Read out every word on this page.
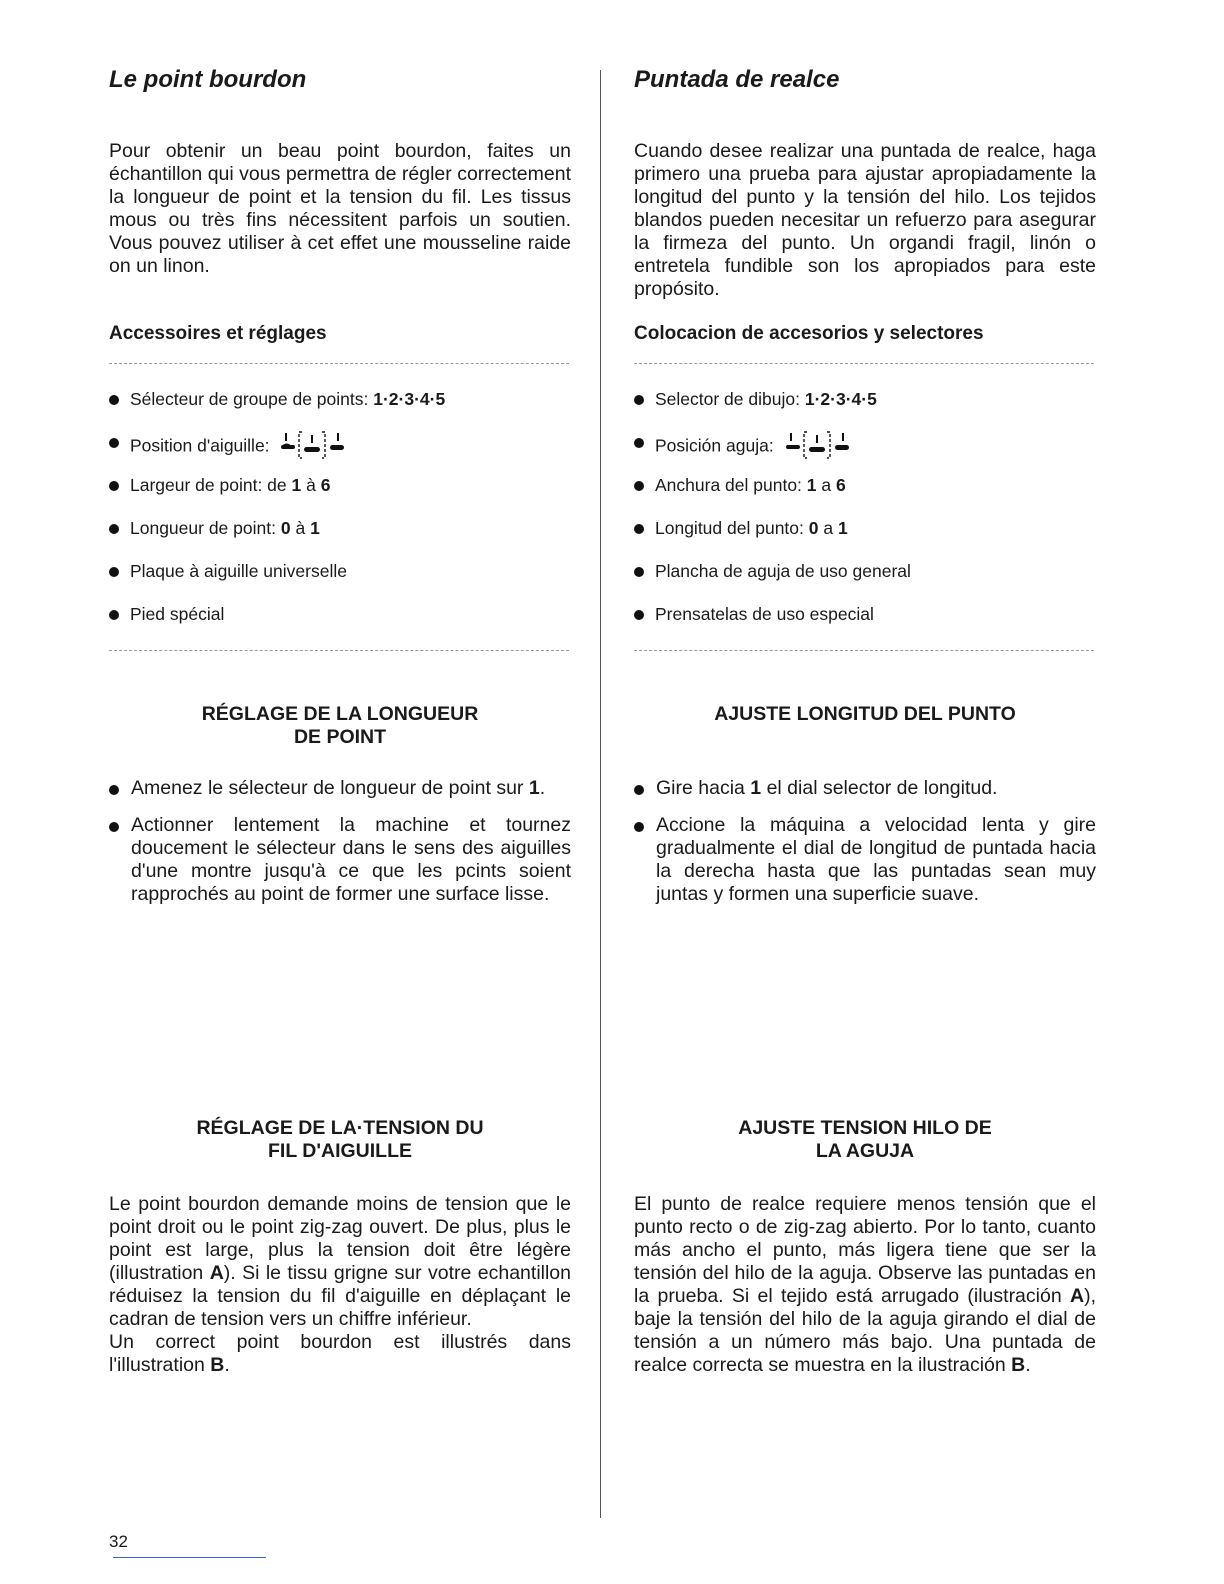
Le point bourdon

Pour obtenir un beau point bourdon, faites un échantillon qui vous permettra de régler correctement la longueur de point et la tension du fil. Les tissus mous ou très fins nécessitent parfois un soutien. Vous pouvez utiliser à cet effet une mousseline raide on un linon.

Accessoires et réglages
Sélecteur de groupe de points: 1·2·3·4·5
Position d'aiguille:
Largeur de point: de 1 à 6
Longueur de point: 0 à 1
Plaque à aiguille universelle
Pied spécial
RÉGLAGE DE LA LONGUEUR
DE POINT
Amenez le sélecteur de longueur de point sur 1.
Actionner lentement la machine et tournez doucement le sélecteur dans le sens des aiguilles d'une montre jusqu'à ce que les pcints soient rapprochés au point de former une surface lisse.
RÉGLAGE DE LA·TENSION DU
FIL D'AIGUILLE

Le point bourdon demande moins de tension que le point droit ou le point zig-zag ouvert. De plus, plus le point est large, plus la tension doit être légère (illustration A). Si le tissu grigne sur votre echantillon réduisez la tension du fil d'aiguille en déplaçant le cadran de tension vers un chiffre inférieur.

Un correct point bourdon est illustrés dans l'illustration B.

Puntada de realce

Cuando desee realizar una puntada de realce, haga primero una prueba para ajustar apropiadamente la longitud del punto y la tensión del hilo. Los tejidos blandos pueden necesitar un refuerzo para asegurar la firmeza del punto. Un organdi fragil, linón o entretela fundible son los apropiados para este propósito.

Colocacion de accesorios y selectores
Selector de dibujo: 1·2·3·4·5
Posición aguja:
Anchura del punto: 1 a 6
Longitud del punto: 0 a 1
Plancha de aguja de uso general
Prensatelas de uso especial
AJUSTE LONGITUD DEL PUNTO
Gire hacia 1 el dial selector de longitud.
Accione la máquina a velocidad lenta y gire gradualmente el dial de longitud de puntada hacia la derecha hasta que las puntadas sean muy juntas y formen una superficie suave.
AJUSTE TENSION HILO DE
LA AGUJA

El punto de realce requiere menos tensión que el punto recto o de zig-zag abierto. Por lo tanto, cuanto más ancho el punto, más ligera tiene que ser la tensión del hilo de la aguja. Observe las puntadas en la prueba. Si el tejido está arrugado (ilustración A), baje la tensión del hilo de la aguja girando el dial de tensión a un número más bajo. Una puntada de realce correcta se muestra en la ilustración B.

32
